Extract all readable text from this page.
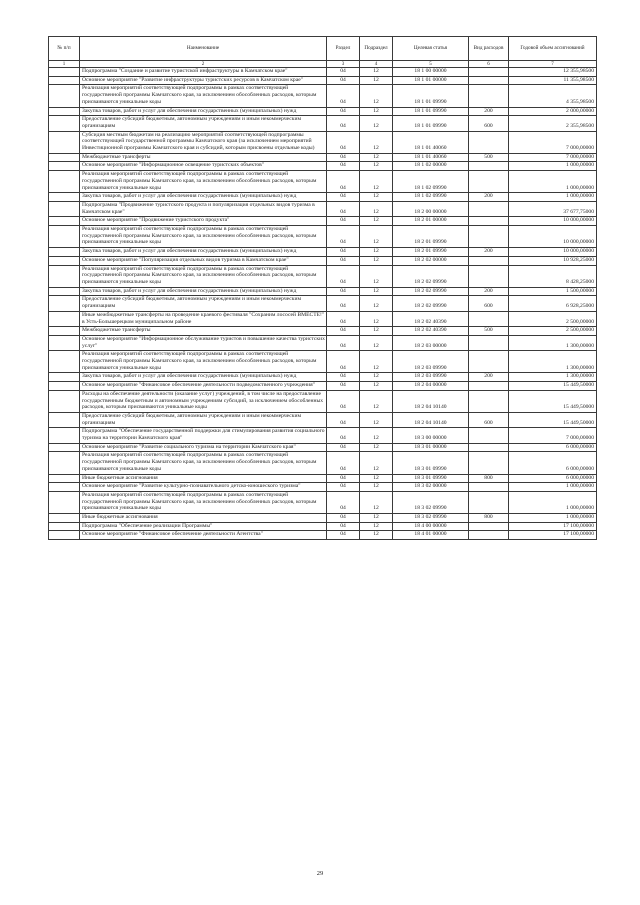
№ п/п	Наименование	Раздел	Подраздел	Целевая статья	Вид расходов	Годовой объем ассигнований
1	2	3	4	5	6	7
	Подпрограмма "Создание и развитие туристской инфраструктуры в Камчатском крае"	04	12	18 1 00 00000		12 355,98500
	Основное мероприятие "Развитие инфраструктуры туристских ресурсов в Камчатском крае"	04	12	18 1 01 00000		11 355,98500
	Реализация мероприятий соответствующей подпрограммы в рамках соответствующей государственной программы Камчатского края, за исключением обособленных расходов, которым присваиваются уникальные коды	04	12	18 1 01 09990		4 355,98500
	Закупка товаров, работ и услуг для обеспечения государственных (муниципальных) нужд	04	12	18 1 01 09990	200	2 000,00000
	Предоставление субсидий бюджетным, автономным учреждениям и иным некоммерческим организациям	04	12	18 1 01 09990	600	2 355,98500
	Субсидия местным бюджетам на реализацию мероприятий соответствующей подпрограммы соответствующей государственной программы Камчатского края (за исключением мероприятий Инвестиционной программы Камчатского края и субсидий, которым присвоены отдельные коды)	04	12	18 1 01 40060		7 000,00000
	Межбюджетные трансферты	04	12	18 1 01 40060	500	7 000,00000
	Основное мероприятие "Информационное освещение туристских объектов"	04	12	18 1 02 00000		1 000,00000
	Реализация мероприятий соответствующей подпрограммы в рамках соответствующей государственной программы Камчатского края, за исключением обособленных расходов, которым присваиваются уникальные коды	04	12	18 1 02 09990		1 000,00000
	Закупка товаров, работ и услуг для обеспечения государственных (муниципальных) нужд	04	12	18 1 02 09990	200	1 000,00000
	Подпрограмма "Продвижение туристского продукта и популяризация отдельных видов туризма в Камчатском крае"	04	12	18 2 00 00000		37 677,75000
	Основное мероприятие "Продвижение туристского продукта"	04	12	18 2 01 00000		10 000,00000
	Реализация мероприятий соответствующей подпрограммы в рамках соответствующей государственной программы Камчатского края, за исключением обособленных расходов, которым присваиваются уникальные коды	04	12	18 2 01 09990		10 000,00000
	Закупка товаров, работ и услуг для обеспечения государственных (муниципальных) нужд	04	12	18 2 01 09990	200	10 000,00000
	Основное мероприятие "Популяризация отдельных видов туризма в Камчатском крае"	04	12	18 2 02 00000		10 928,25000
	Реализация мероприятий соответствующей подпрограммы в рамках соответствующей государственной программы Камчатского края, за исключением обособленных расходов, которым присваиваются уникальные коды	04	12	18 2 02 09990		8 428,25000
	Закупка товаров, работ и услуг для обеспечения государственных (муниципальных) нужд	04	12	18 2 02 09990	200	1 500,00000
	Предоставление субсидий бюджетным, автономным учреждениям и иным некоммерческим организациям	04	12	18 2 02 09990	600	6 928,25000
	Иные межбюджетные трансферты на проведение краевого фестиваля "Сохраним лососей ВМЕСТЕ!" в Усть-Большерецком муниципальном районе	04	12	18 2 02 40390		2 500,00000
	Межбюджетные трансферты	04	12	18 2 02 40390	500	2 500,00000
	Основное мероприятие "Информационное обслуживание туристов и повышение качества туристских услуг"	04	12	18 2 03 00000		1 300,00000
	Реализация мероприятий соответствующей подпрограммы в рамках соответствующей государственной программы Камчатского края, за исключением обособленных расходов, которым присваиваются уникальные коды	04	12	18 2 03 09990		1 300,00000
	Закупка товаров, работ и услуг для обеспечения государственных (муниципальных) нужд	04	12	18 2 03 09990	200	1 300,00000
	Основное мероприятие "Финансовое обеспечение деятельности подведомственного учреждения"	04	12	18 2 04 00000		15 449,50000
	Расходы на обеспечение деятельности (оказание услуг) учреждений, в том числе на предоставление государственным бюджетным и автономным учреждениям субсидий, за исключением обособленных расходов, которым присваиваются уникальные коды	04	12	18 2 04 10140		15 449,50000
	Предоставление субсидий бюджетным, автономным учреждениям и иным некоммерческим организациям	04	12	18 2 04 10140	600	15 449,50000
	Подпрограмма "Обеспечение государственной поддержки для стимулирования развития социального туризма на территории Камчатского края"	04	12	18 3 00 00000		7 000,00000
	Основное мероприятие "Развитие социального туризма на территории Камчатского края"	04	12	18 3 01 00000		6 000,00000
	Реализация мероприятий соответствующей подпрограммы в рамках соответствующей государственной программы Камчатского края, за исключением обособленных расходов, которым присваиваются уникальные коды	04	12	18 3 01 09990		6 000,00000
	Иные бюджетные ассигнования	04	12	18 3 01 09990	800	6 000,00000
	Основное мероприятие "Развитие культурно-познавательного детско-юношеского туризма"	04	12	18 3 02 00000		1 000,00000
	Реализация мероприятий соответствующей подпрограммы в рамках соответствующей государственной программы Камчатского края, за исключением обособленных расходов, которым присваиваются уникальные коды	04	12	18 3 02 09990		1 000,00000
	Иные бюджетные ассигнования	04	12	18 3 02 09990	800	1 000,00000
	Подпрограмма "Обеспечение реализации Программы"	04	12	18 4 00 00000		17 100,00000
	Основное мероприятие "Финансовое обеспечение деятельности Агентства"	04	12	18 4 01 00000		17 100,00000
29
